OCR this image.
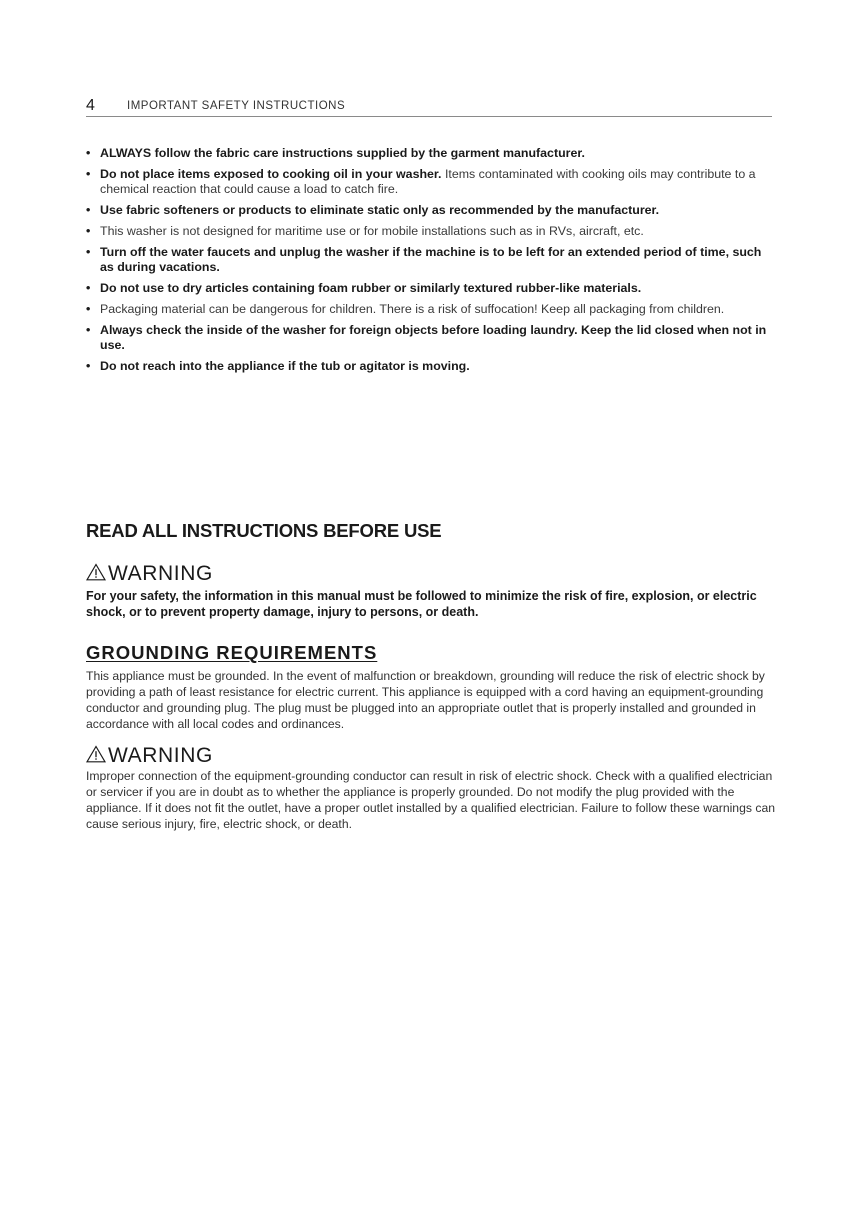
4	IMPORTANT SAFETY INSTRUCTIONS
• ALWAYS follow the fabric care instructions supplied by the garment manufacturer.
• Do not place items exposed to cooking oil in your washer. Items contaminated with cooking oils may contribute to a chemical reaction that could cause a load to catch fire.
• Use fabric softeners or products to eliminate static only as recommended by the manufacturer.
• This washer is not designed for maritime use or for mobile installations such as in RVs, aircraft, etc.
• Turn off the water faucets and unplug the washer if the machine is to be left for an extended period of time, such as during vacations.
• Do not use to dry articles containing foam rubber or similarly textured rubber-like materials.
• Packaging material can be dangerous for children. There is a risk of suffocation! Keep all packaging from children.
• Always check the inside of the washer for foreign objects before loading laundry. Keep the lid closed when not in use.
• Do not reach into the appliance if the tub or agitator is moving.
READ ALL INSTRUCTIONS BEFORE USE
WARNING
For your safety, the information in this manual must be followed to minimize the risk of fire, explosion, or electric shock, or to prevent property damage, injury to persons, or death.
GROUNDING REQUIREMENTS
This appliance must be grounded. In the event of malfunction or breakdown, grounding will reduce the risk of electric shock by providing a path of least resistance for electric current. This appliance is equipped with a cord having an equipment-grounding conductor and grounding plug. The plug must be plugged into an appropriate outlet that is properly installed and grounded in accordance with all local codes and ordinances.
WARNING
Improper connection of the equipment-grounding conductor can result in risk of electric shock. Check with a qualified electrician or servicer if you are in doubt as to whether the appliance is properly grounded. Do not modify the plug provided with the appliance. If it does not fit the outlet, have a proper outlet installed by a qualified electrician. Failure to follow these warnings can cause serious injury, fire, electric shock, or death.
